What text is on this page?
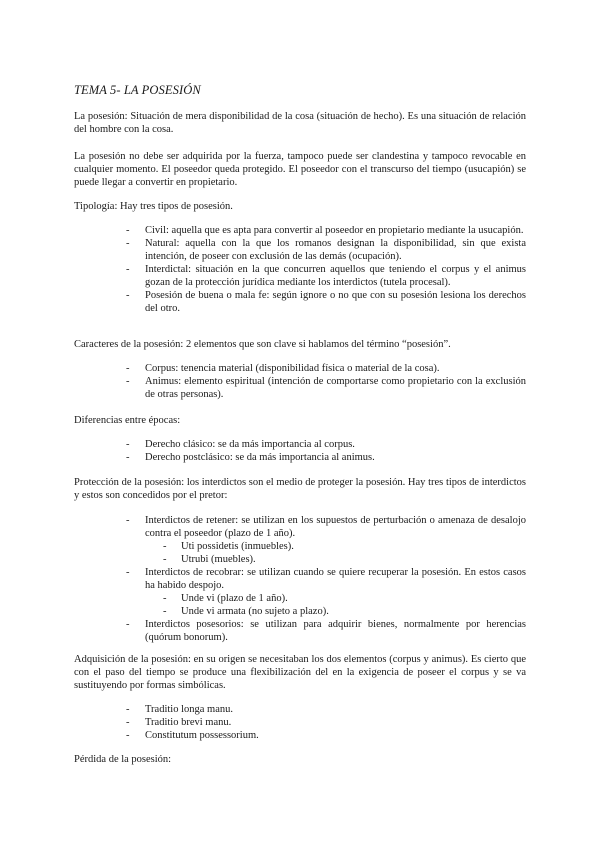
TEMA 5- LA POSESIÓN
La posesión: Situación de mera disponibilidad de la cosa (situación de hecho). Es una situación de relación del hombre con la cosa.
La posesión no debe ser adquirida por la fuerza, tampoco puede ser clandestina y tampoco revocable en cualquier momento. El poseedor queda protegido. El poseedor con el transcurso del tiempo (usucapión) se puede llegar a convertir en propietario.
Tipología: Hay tres tipos de posesión.
- Civil: aquella que es apta para convertir al poseedor en propietario mediante la usucapión.
- Natural: aquella con la que los romanos designan la disponibilidad, sin que exista intención, de poseer con exclusión de las demás (ocupación).
- Interdictal: situación en la que concurren aquellos que teniendo el corpus y el animus gozan de la protección jurídica mediante los interdictos (tutela procesal).
- Posesión de buena o mala fe: según ignore o no que con su posesión lesiona los derechos del otro.
Caracteres de la posesión: 2 elementos que son clave si hablamos del término “posesión”.
- Corpus: tenencia material (disponibilidad física o material de la cosa).
- Animus: elemento espiritual (intención de comportarse como propietario con la exclusión de otras personas).
Diferencias entre épocas:
- Derecho clásico: se da más importancia al corpus.
- Derecho postclásico: se da más importancia al animus.
Protección de la posesión: los interdictos son el medio de proteger la posesión. Hay tres tipos de interdictos y estos son concedidos por el pretor:
- Interdictos de retener: se utilizan en los supuestos de perturbación o amenaza de desalojo contra el poseedor (plazo de 1 año).
- Uti possidetis (inmuebles).
- Utrubi (muebles).
- Interdictos de recobrar: se utilizan cuando se quiere recuperar la posesión. En estos casos ha habido despojo.
- Unde vi (plazo de 1 año).
- Unde vi armata (no sujeto a plazo).
- Interdictos posesorios: se utilizan para adquirir bienes, normalmente por herencias (quórum bonorum).
Adquisición de la posesión: en su origen se necesitaban los dos elementos (corpus y animus). Es cierto que con el paso del tiempo se produce una flexibilización del en la exigencia de poseer el corpus y se va sustituyendo por formas simbólicas.
- Traditio longa manu.
- Traditio brevi manu.
- Constitutum possessorium.
Pérdida de la posesión:
